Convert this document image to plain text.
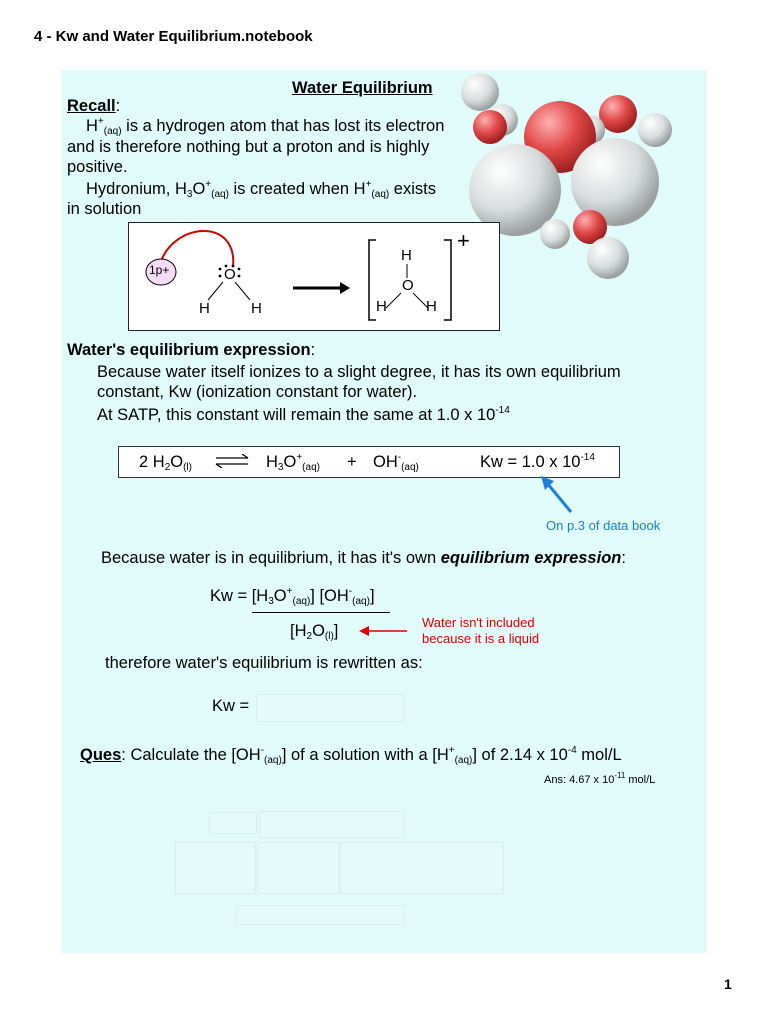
4 - Kw and Water Equilibrium.notebook
Water Equilibrium
Recall:
$H^+_{(aq)}$ is a hydrogen atom that has lost its electron
and is therefore nothing but a proton and is highly
positive.
Hydronium, $H_3O^+_{(aq)}$ is created when $H^+_{(aq)}$ exists
in solution
1p+	O
H	H
H
O
H	H
+
Water's equilibrium expression:
Because water itself ionizes to a slight degree, it has its own equilibrium
constant, Kw (ionization constant for water).
At SATP, this constant will remain the same at 1.0 x $10^{-14}$
2 $H_2O_{(l)}$ ⇌ $H_3O^+_{(aq)} + OH^-_{(aq)}$	Kw = 1.0 x $10^{-14}$
On p.3 of data book
Because water is in equilibrium, it has it's own equilibrium expression:
$Kw = [H_3O^+_{(aq)}]$ $[OH^-_{(aq)}]$
$[H_2O_{(l)}]$	Water isn't included
because it is a liquid
therefore water's equilibrium is rewritten as:
Kw =
Ques: Calculate the $[OH^-_{(aq)}]$ of a solution with a $[H^+_{(aq)}]$ of 2.14 x $10^{-4}$ mol/L
Ans: 4.67 x $10^{-11}$ mol/L
1
